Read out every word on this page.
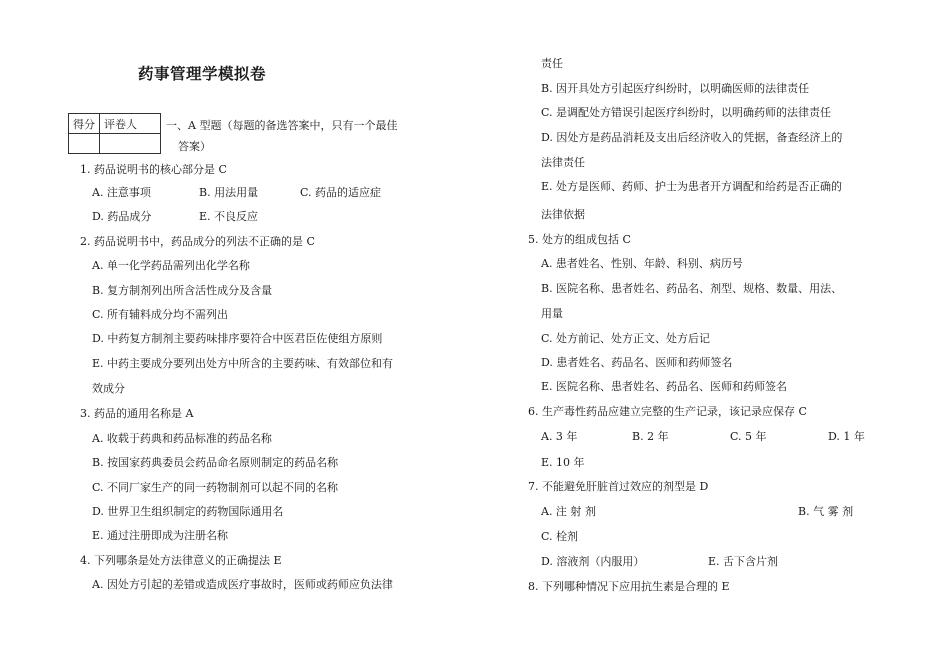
药事管理学模拟卷
得分	评卷人
		一、A 型题（每题的备选答案中，只有一个最佳
答案）
1. 药品说明书的核心部分是 C
A. 注意事项	B. 用法用量	C. 药品的适应症
D. 药品成分	E. 不良反应
2. 药品说明书中，药品成分的列法不正确的是 C
A. 单一化学药品需列出化学名称
B. 复方制剂列出所含活性成分及含量
C. 所有辅料成分均不需列出
D. 中药复方制剂主要药味排序要符合中医君臣佐使组方原则
E. 中药主要成分要列出处方中所含的主要药味、有效部位和有
效成分
3. 药品的通用名称是 A
A. 收载于药典和药品标准的药品名称
B. 按国家药典委员会药品命名原则制定的药品名称
C. 不同厂家生产的同一药物制剂可以起不同的名称
D. 世界卫生组织制定的药物国际通用名
E. 通过注册即成为注册名称
4. 下列哪条是处方法律意义的正确提法 E
A. 因处方引起的差错或造成医疗事故时，医师或药师应负法律
责任
B. 因开具处方引起医疗纠纷时，以明确医师的法律责任
C. 是调配处方错误引起医疗纠纷时，以明确药师的法律责任
D. 因处方是药品消耗及支出后经济收入的凭据，备查经济上的
法律责任
E. 处方是医师、药师、护士为患者开方调配和给药是否正确的
法律依据
5. 处方的组成包括 C
A. 患者姓名、性别、年龄、科别、病历号
B. 医院名称、患者姓名、药品名、剂型、规格、数量、用法、
用量
C. 处方前记、处方正文、处方后记
D. 患者姓名、药品名、医师和药师签名
E. 医院名称、患者姓名、药品名、医师和药师签名
6. 生产毒性药品应建立完整的生产记录，该记录应保存 C
A. 3 年	B. 2 年	C. 5 年	D. 1 年
E. 10 年
7. 不能避免肝脏首过效应的剂型是 D
A. 注 射 剂	B. 气 雾 剂
C. 栓剂
D. 溶液剂（内服用）	E. 舌下含片剂
8. 下列哪种情况下应用抗生素是合理的 E
